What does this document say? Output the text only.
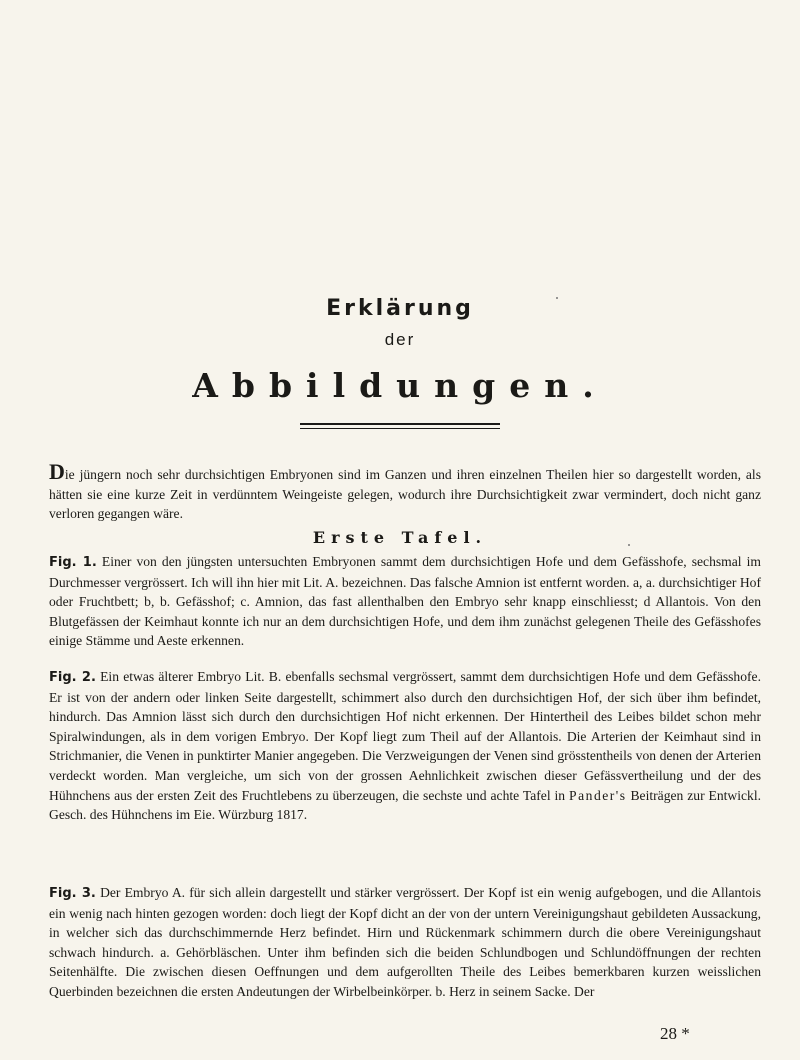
Erklärung
der
Abbildungen.
Die jüngern noch sehr durchsichtigen Embryonen sind im Ganzen und ihren einzelnen Theilen hier so dargestellt worden, als hätten sie eine kurze Zeit in verdünntem Weingeiste gelegen, wodurch ihre Durchsichtigkeit zwar vermindert, doch nicht ganz verloren gegangen wäre.
Erste Tafel.
Fig. 1. Einer von den jüngsten untersuchten Embryonen sammt dem durchsichtigen Hofe und dem Gefässhofe, sechsmal im Durchmesser vergrössert. Ich will ihn hier mit Lit. A. bezeichnen. Das falsche Amnion ist entfernt worden. a, a. durchsichtiger Hof oder Fruchtbett; b, b. Gefässhof; c. Amnion, das fast allenthalben den Embryo sehr knapp einschliesst; d Allantois. Von den Blutgefässen der Keimhaut konnte ich nur an dem durchsichtigen Hofe, und dem ihm zunächst gelegenen Theile des Gefässhofes einige Stämme und Aeste erkennen.
Fig. 2. Ein etwas älterer Embryo Lit. B. ebenfalls sechsmal vergrössert, sammt dem durchsichtigen Hofe und dem Gefässhofe. Er ist von der andern oder linken Seite dargestellt, schimmert also durch den durchsichtigen Hof, der sich über ihm befindet, hindurch. Das Amnion lässt sich durch den durchsichtigen Hof nicht erkennen. Der Hintertheil des Leibes bildet schon mehr Spiralwindungen, als in dem vorigen Embryo. Der Kopf liegt zum Theil auf der Allantois. Die Arterien der Keimhaut sind in Strichmanier, die Venen in punktirter Manier angegeben. Die Verzweigungen der Venen sind grösstentheils von denen der Arterien verdeckt worden. Man vergleiche, um sich von der grossen Aehnlichkeit zwischen dieser Gefässvertheilung und der des Hühnchens aus der ersten Zeit des Fruchtlebens zu überzeugen, die sechste und achte Tafel in Pander's Beiträgen zur Entwickl. Gesch. des Hühnchens im Eie. Würzburg 1817.
Fig. 3. Der Embryo A. für sich allein dargestellt und stärker vergrössert. Der Kopf ist ein wenig aufgebogen, und die Allantois ein wenig nach hinten gezogen worden: doch liegt der Kopf dicht an der von der untern Vereinigungshaut gebildeten Aussackung, in welcher sich das durchschimmernde Herz befindet. Hirn und Rückenmark schimmern durch die obere Vereinigungshaut schwach hindurch. a. Gehörbläschen. Unter ihm befinden sich die beiden Schlundbogen und Schlundöffnungen der rechten Seitenhälfte. Die zwischen diesen Oeffnungen und dem aufgerollten Theile des Leibes bemerkbaren kurzen weisslichen Querbinden bezeichnen die ersten Andeutungen der Wirbelbeinkörper. b. Herz in seinem Sacke. Der
28 *
